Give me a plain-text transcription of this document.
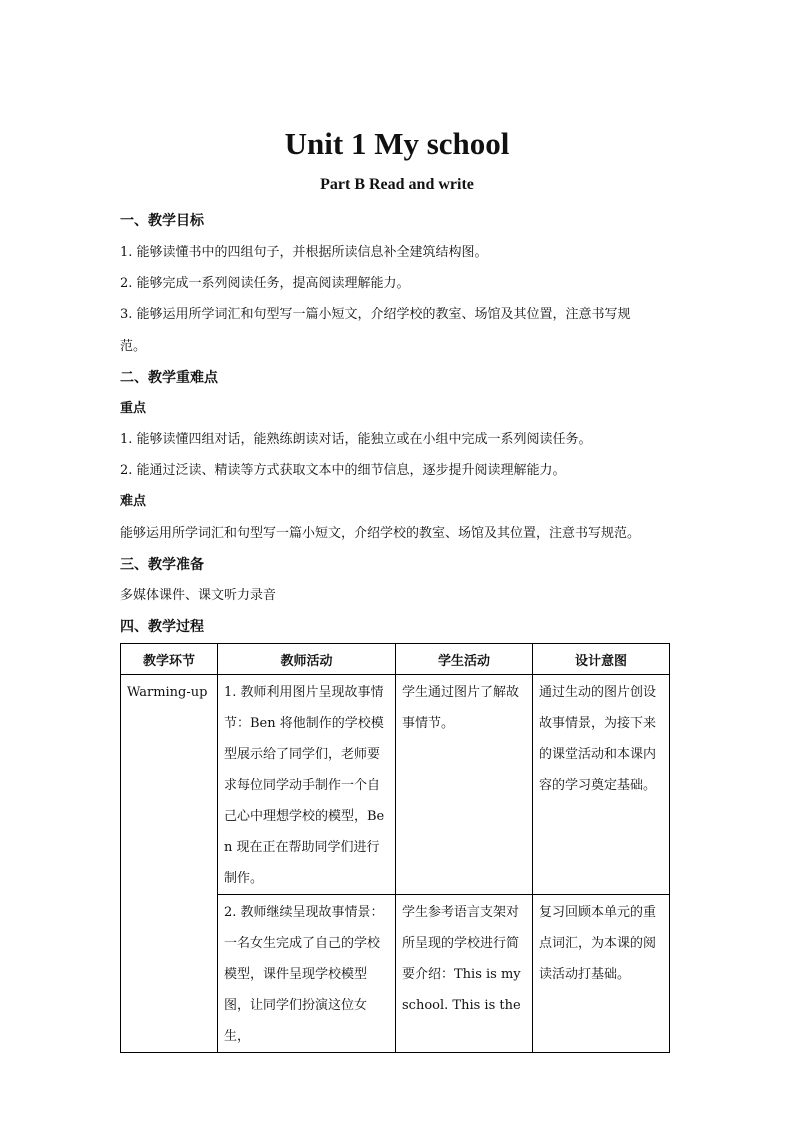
Unit 1 My school
Part B Read and write
一、教学目标
1. 能够读懂书中的四组句子，并根据所读信息补全建筑结构图。
2. 能够完成一系列阅读任务，提高阅读理解能力。
3. 能够运用所学词汇和句型写一篇小短文，介绍学校的教室、场馆及其位置，注意书写规
范。
二、教学重难点
重点
1. 能够读懂四组对话，能熟练朗读对话，能独立或在小组中完成一系列阅读任务。
2. 能通过泛读、精读等方式获取文本中的细节信息，逐步提升阅读理解能力。
难点
能够运用所学词汇和句型写一篇小短文，介绍学校的教室、场馆及其位置，注意书写规范。
三、教学准备
多媒体课件、课文听力录音
四、教学过程
教学环节	教师活动	学生活动	设计意图
Warming-up	1. 教师利用图片呈现故事情节：Ben 将他制作的学校模型展示给了同学们，老师要求每位同学动手制作一个自己心中理想学校的模型，Ben 现在正在帮助同学们进行制作。	学生通过图片了解故事情节。	通过生动的图片创设故事情景，为接下来的课堂活动和本课内容的学习奠定基础。
	2. 教师继续呈现故事情景：一名女生完成了自己的学校模型，课件呈现学校模型图，让同学们扮演这位女生，	学生参考语言支架对所呈现的学校进行简要介绍：This is my school. This is the	复习回顾本单元的重点词汇，为本课的阅读活动打基础。
